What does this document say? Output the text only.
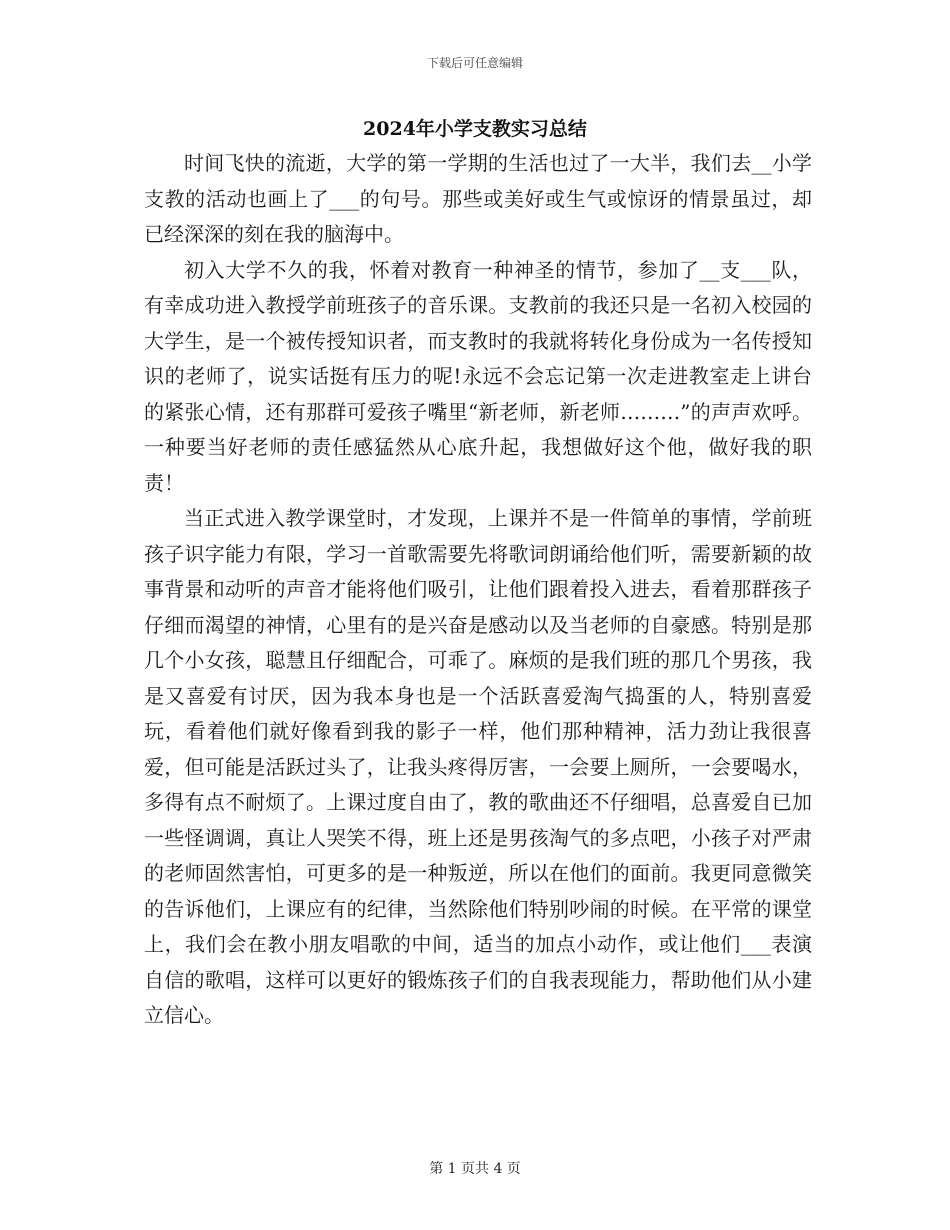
下载后可任意编辑
2024年小学支教实习总结

时间飞快的流逝，大学的第一学期的生活也过了一大半，我们去__小学支教的活动也画上了___的句号。那些或美好或生气或惊讶的情景虽过，却已经深深的刻在我的脑海中。

初入大学不久的我，怀着对教育一种神圣的情节，参加了__支___队，有幸成功进入教授学前班孩子的音乐课。支教前的我还只是一名初入校园的大学生，是一个被传授知识者，而支教时的我就将转化身份成为一名传授知识的老师了，说实话挺有压力的呢!永远不会忘记第一次走进教室走上讲台的紧张心情，还有那群可爱孩子嘴里“新老师，新老师………”的声声欢呼。一种要当好老师的责任感猛然从心底升起，我想做好这个他，做好我的职责！

当正式进入教学课堂时，才发现，上课并不是一件简单的事情，学前班孩子识字能力有限，学习一首歌需要先将歌词朗诵给他们听，需要新颖的故事背景和动听的声音才能将他们吸引，让他们跟着投入进去，看着那群孩子仔细而渴望的神情，心里有的是兴奋是感动以及当老师的自豪感。特别是那几个小女孩，聪慧且仔细配合，可乖了。麻烦的是我们班的那几个男孩，我是又喜爱有讨厌，因为我本身也是一个活跃喜爱淘气捣蛋的人，特别喜爱玩，看着他们就好像看到我的影子一样，他们那种精神，活力劲让我很喜爱，但可能是活跃过头了，让我头疼得厉害，一会要上厕所，一会要喝水，多得有点不耐烦了。上课过度自由了，教的歌曲还不仔细唱，总喜爱自已加一些怪调调，真让人哭笑不得，班上还是男孩淘气的多点吧，小孩子对严肃的老师固然害怕，可更多的是一种叛逆，所以在他们的面前。我更同意微笑的告诉他们，上课应有的纪律，当然除他们特别吵闹的时候。在平常的课堂上，我们会在教小朋友唱歌的中间，适当的加点小动作，或让他们___表演自信的歌唱，这样可以更好的锻炼孩子们的自我表现能力，帮助他们从小建立信心。

第 1 页共 4 页
